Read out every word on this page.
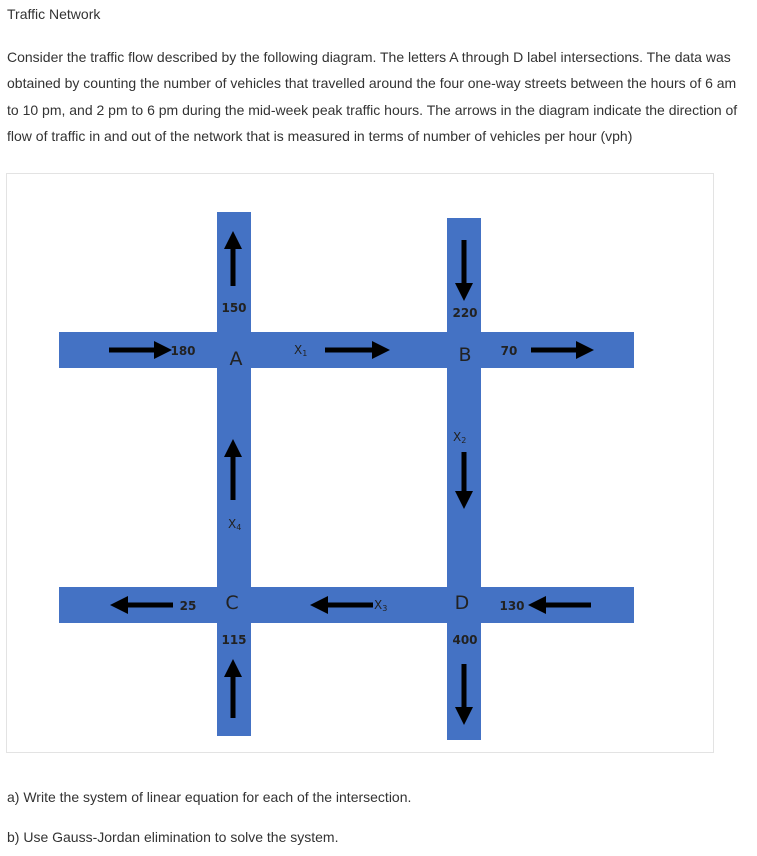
Traffic Network

Consider the traffic flow described by the following diagram. The letters A through D label intersections. The data was obtained by counting the number of vehicles that travelled around the four one-way streets between the hours of 6 am to 10 pm, and 2 pm to 6 pm during the mid-week peak traffic hours. The arrows in the diagram indicate the direction of flow of traffic in and out of the network that is measured in terms of number of vehicles per hour (vph)

150
180
220
70
25
115
130
400
A	B
C	D
X1
X2
X3
X4

a) Write the system of linear equation for each of the intersection.

b) Use Gauss-Jordan elimination to solve the system.
